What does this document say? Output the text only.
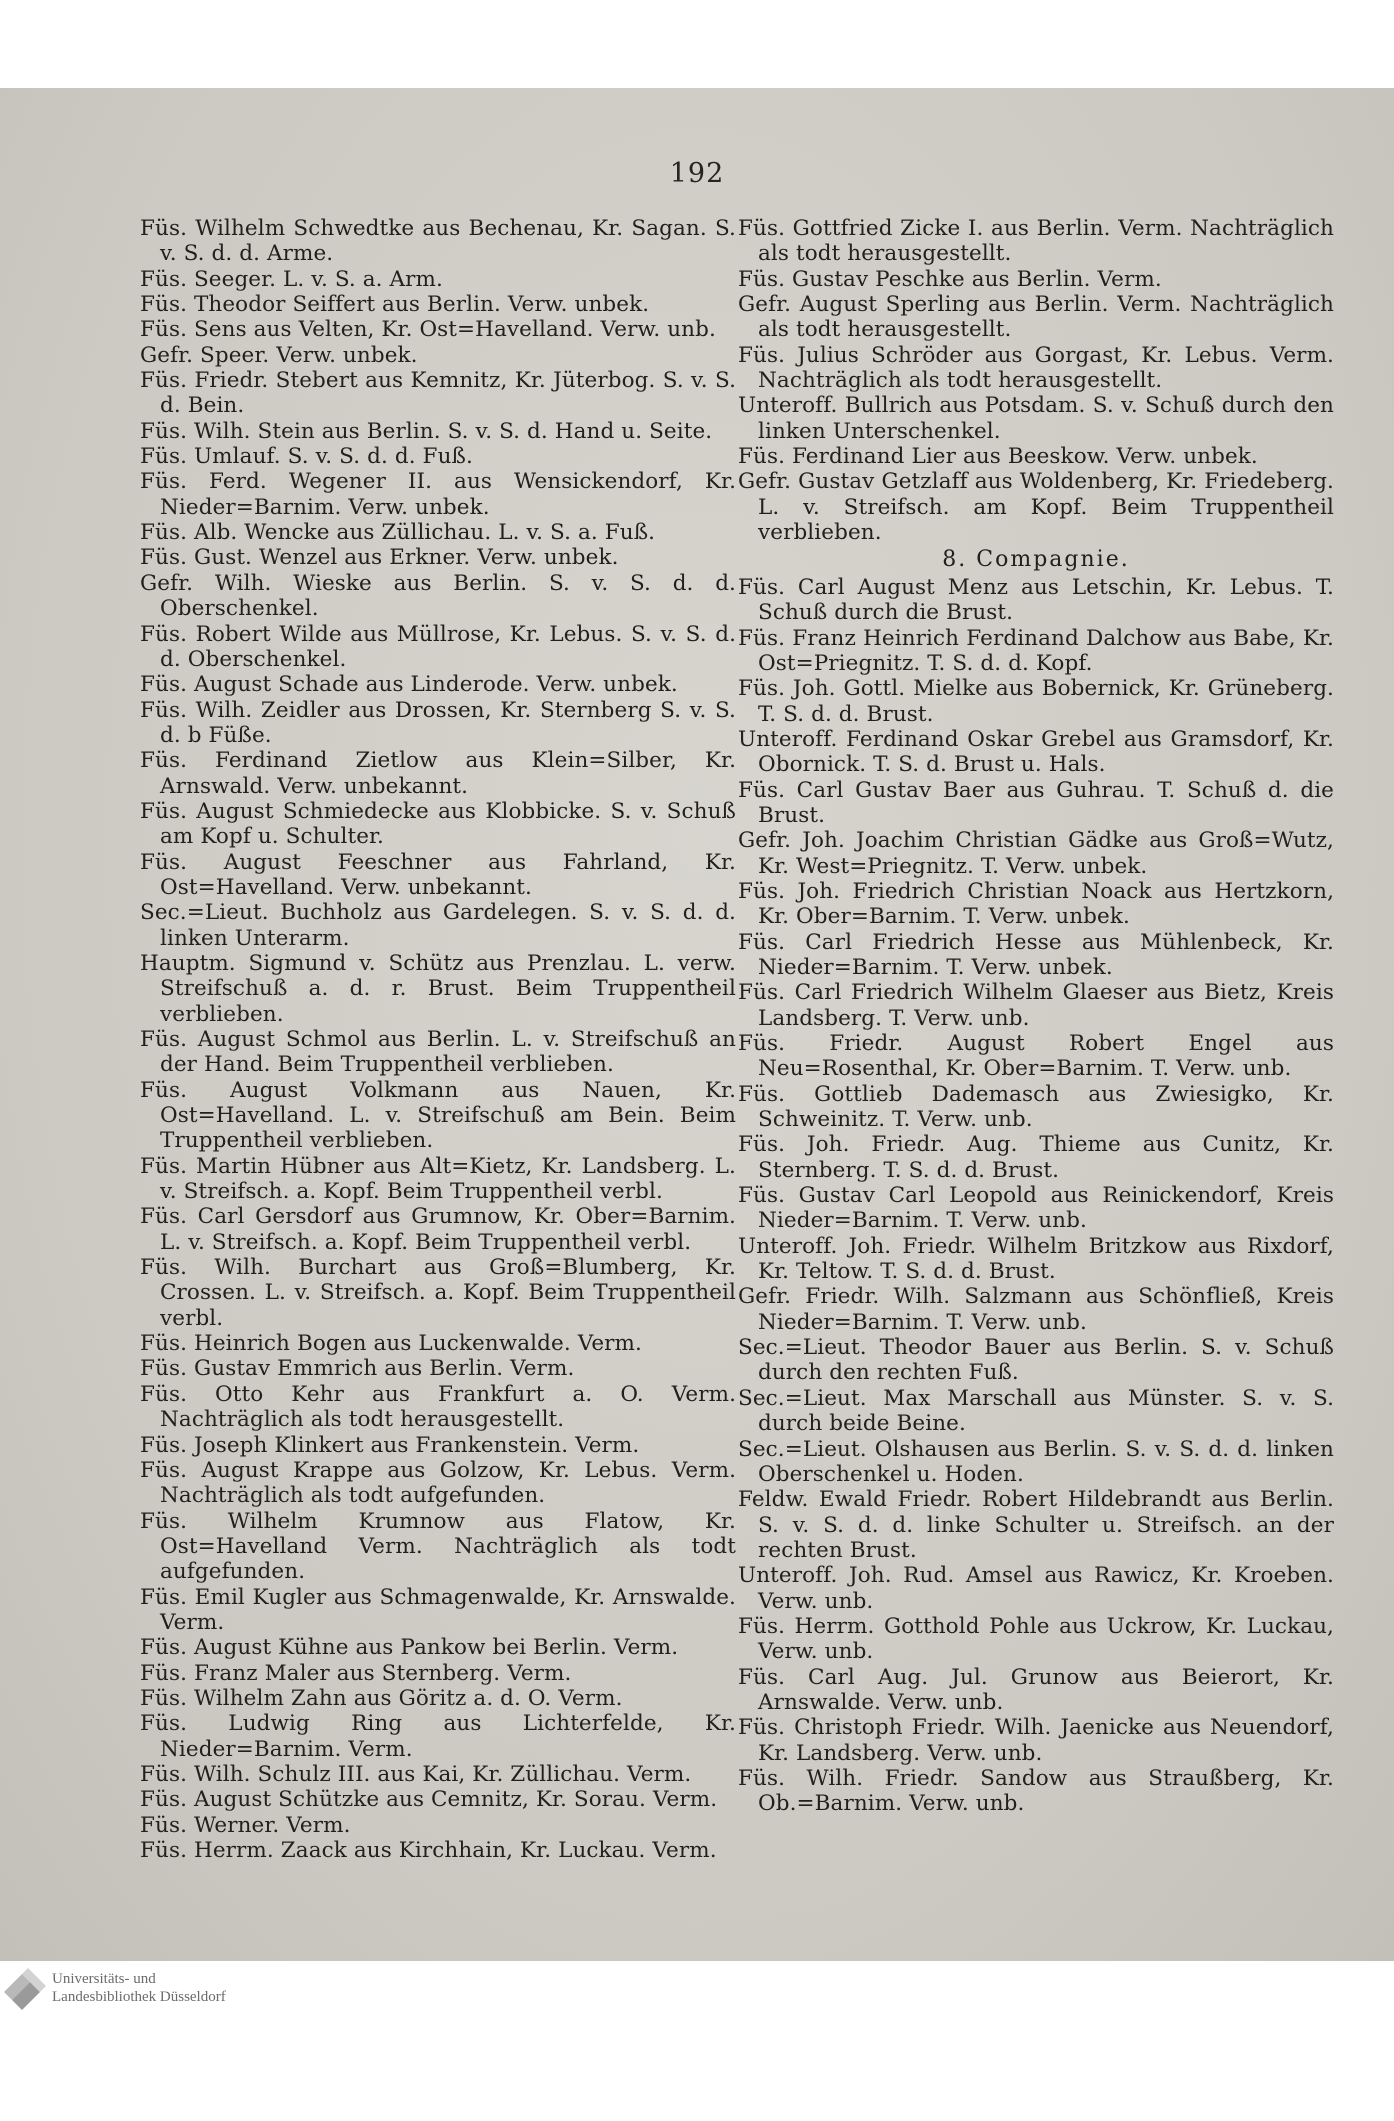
192

Füs. Wilhelm Schwedtke aus Bechenau, Kr. Sagan. S. v. S. d. d. Arme.

Füs. Seeger. L. v. S. a. Arm.

Füs. Theodor Seiffert aus Berlin. Verw. unbek.

Füs. Sens aus Velten, Kr. Ost=Havelland. Verw. unb.

Gefr. Speer. Verw. unbek.

Füs. Friedr. Stebert aus Kemnitz, Kr. Jüterbog. S. v. S. d. Bein.

Füs. Wilh. Stein aus Berlin. S. v. S. d. Hand u. Seite.

Füs. Umlauf. S. v. S. d. d. Fuß.

Füs. Ferd. Wegener II. aus Wensickendorf, Kr. Nieder=Barnim. Verw. unbek.

Füs. Alb. Wencke aus Züllichau. L. v. S. a. Fuß.

Füs. Gust. Wenzel aus Erkner. Verw. unbek.

Gefr. Wilh. Wieske aus Berlin. S. v. S. d. d. Oberschenkel.

Füs. Robert Wilde aus Müllrose, Kr. Lebus. S. v. S. d. d. Oberschenkel.

Füs. August Schade aus Linderode. Verw. unbek.

Füs. Wilh. Zeidler aus Drossen, Kr. Sternberg S. v. S. d. b Füße.

Füs. Ferdinand Zietlow aus Klein=Silber, Kr. Arnswald. Verw. unbekannt.

Füs. August Schmiedecke aus Klobbicke. S. v. Schuß am Kopf u. Schulter.

Füs. August Feeschner aus Fahrland, Kr. Ost=Havelland. Verw. unbekannt.

Sec.=Lieut. Buchholz aus Gardelegen. S. v. S. d. d. linken Unterarm.

Hauptm. Sigmund v. Schütz aus Prenzlau. L. verw. Streifschuß a. d. r. Brust. Beim Truppentheil verblieben.

Füs. August Schmol aus Berlin. L. v. Streifschuß an der Hand. Beim Truppentheil verblieben.

Füs. August Volkmann aus Nauen, Kr. Ost=Havelland. L. v. Streifschuß am Bein. Beim Truppentheil verblieben.

Füs. Martin Hübner aus Alt=Kietz, Kr. Landsberg. L. v. Streifsch. a. Kopf. Beim Truppentheil verbl.

Füs. Carl Gersdorf aus Grumnow, Kr. Ober=Barnim. L. v. Streifsch. a. Kopf. Beim Truppentheil verbl.

Füs. Wilh. Burchart aus Groß=Blumberg, Kr. Crossen. L. v. Streifsch. a. Kopf. Beim Truppentheil verbl.

Füs. Heinrich Bogen aus Luckenwalde. Verm.

Füs. Gustav Emmrich aus Berlin. Verm.

Füs. Otto Kehr aus Frankfurt a. O. Verm. Nachträglich als todt herausgestellt.

Füs. Joseph Klinkert aus Frankenstein. Verm.

Füs. August Krappe aus Golzow, Kr. Lebus. Verm. Nachträglich als todt aufgefunden.

Füs. Wilhelm Krumnow aus Flatow, Kr. Ost=Havelland Verm. Nachträglich als todt aufgefunden.

Füs. Emil Kugler aus Schmagenwalde, Kr. Arnswalde. Verm.

Füs. August Kühne aus Pankow bei Berlin. Verm.

Füs. Franz Maler aus Sternberg. Verm.

Füs. Wilhelm Zahn aus Göritz a. d. O. Verm.

Füs. Ludwig Ring aus Lichterfelde, Kr. Nieder=Barnim. Verm.

Füs. Wilh. Schulz III. aus Kai, Kr. Züllichau. Verm.

Füs. August Schützke aus Cemnitz, Kr. Sorau. Verm.

Füs. Werner. Verm.

Füs. Herrm. Zaack aus Kirchhain, Kr. Luckau. Verm.

Füs. Gottfried Zicke I. aus Berlin. Verm. Nachträglich als todt herausgestellt.

Füs. Gustav Peschke aus Berlin. Verm.

Gefr. August Sperling aus Berlin. Verm. Nachträglich als todt herausgestellt.

Füs. Julius Schröder aus Gorgast, Kr. Lebus. Verm. Nachträglich als todt herausgestellt.

Unteroff. Bullrich aus Potsdam. S. v. Schuß durch den linken Unterschenkel.

Füs. Ferdinand Lier aus Beeskow. Verw. unbek.

Gefr. Gustav Getzlaff aus Woldenberg, Kr. Friedeberg. L. v. Streifsch. am Kopf. Beim Truppentheil verblieben.

8. Compagnie.

Füs. Carl August Menz aus Letschin, Kr. Lebus. T. Schuß durch die Brust.

Füs. Franz Heinrich Ferdinand Dalchow aus Babe, Kr. Ost=Priegnitz. T. S. d. d. Kopf.

Füs. Joh. Gottl. Mielke aus Bobernick, Kr. Grüneberg. T. S. d. d. Brust.

Unteroff. Ferdinand Oskar Grebel aus Gramsdorf, Kr. Obornick. T. S. d. Brust u. Hals.

Füs. Carl Gustav Baer aus Guhrau. T. Schuß d. die Brust.

Gefr. Joh. Joachim Christian Gädke aus Groß=Wutz, Kr. West=Priegnitz. T. Verw. unbek.

Füs. Joh. Friedrich Christian Noack aus Hertzkorn, Kr. Ober=Barnim. T. Verw. unbek.

Füs. Carl Friedrich Hesse aus Mühlenbeck, Kr. Nieder=Barnim. T. Verw. unbek.

Füs. Carl Friedrich Wilhelm Glaeser aus Bietz, Kreis Landsberg. T. Verw. unb.

Füs. Friedr. August Robert Engel aus Neu=Rosenthal, Kr. Ober=Barnim. T. Verw. unb.

Füs. Gottlieb Dademasch aus Zwiesigko, Kr. Schweinitz. T. Verw. unb.

Füs. Joh. Friedr. Aug. Thieme aus Cunitz, Kr. Sternberg. T. S. d. d. Brust.

Füs. Gustav Carl Leopold aus Reinickendorf, Kreis Nieder=Barnim. T. Verw. unb.

Unteroff. Joh. Friedr. Wilhelm Britzkow aus Rixdorf, Kr. Teltow. T. S. d. d. Brust.

Gefr. Friedr. Wilh. Salzmann aus Schönfließ, Kreis Nieder=Barnim. T. Verw. unb.

Sec.=Lieut. Theodor Bauer aus Berlin. S. v. Schuß durch den rechten Fuß.

Sec.=Lieut. Max Marschall aus Münster. S. v. S. durch beide Beine.

Sec.=Lieut. Olshausen aus Berlin. S. v. S. d. d. linken Oberschenkel u. Hoden.

Feldw. Ewald Friedr. Robert Hildebrandt aus Berlin. S. v. S. d. d. linke Schulter u. Streifsch. an der rechten Brust.

Unteroff. Joh. Rud. Amsel aus Rawicz, Kr. Kroeben. Verw. unb.

Füs. Herrm. Gotthold Pohle aus Uckrow, Kr. Luckau, Verw. unb.

Füs. Carl Aug. Jul. Grunow aus Beierort, Kr. Arnswalde. Verw. unb.

Füs. Christoph Friedr. Wilh. Jaenicke aus Neuendorf, Kr. Landsberg. Verw. unb.

Füs. Wilh. Friedr. Sandow aus Straußberg, Kr. Ob.=Barnim. Verw. unb.

Universitäts- und
Landesbibliothek Düsseldorf
